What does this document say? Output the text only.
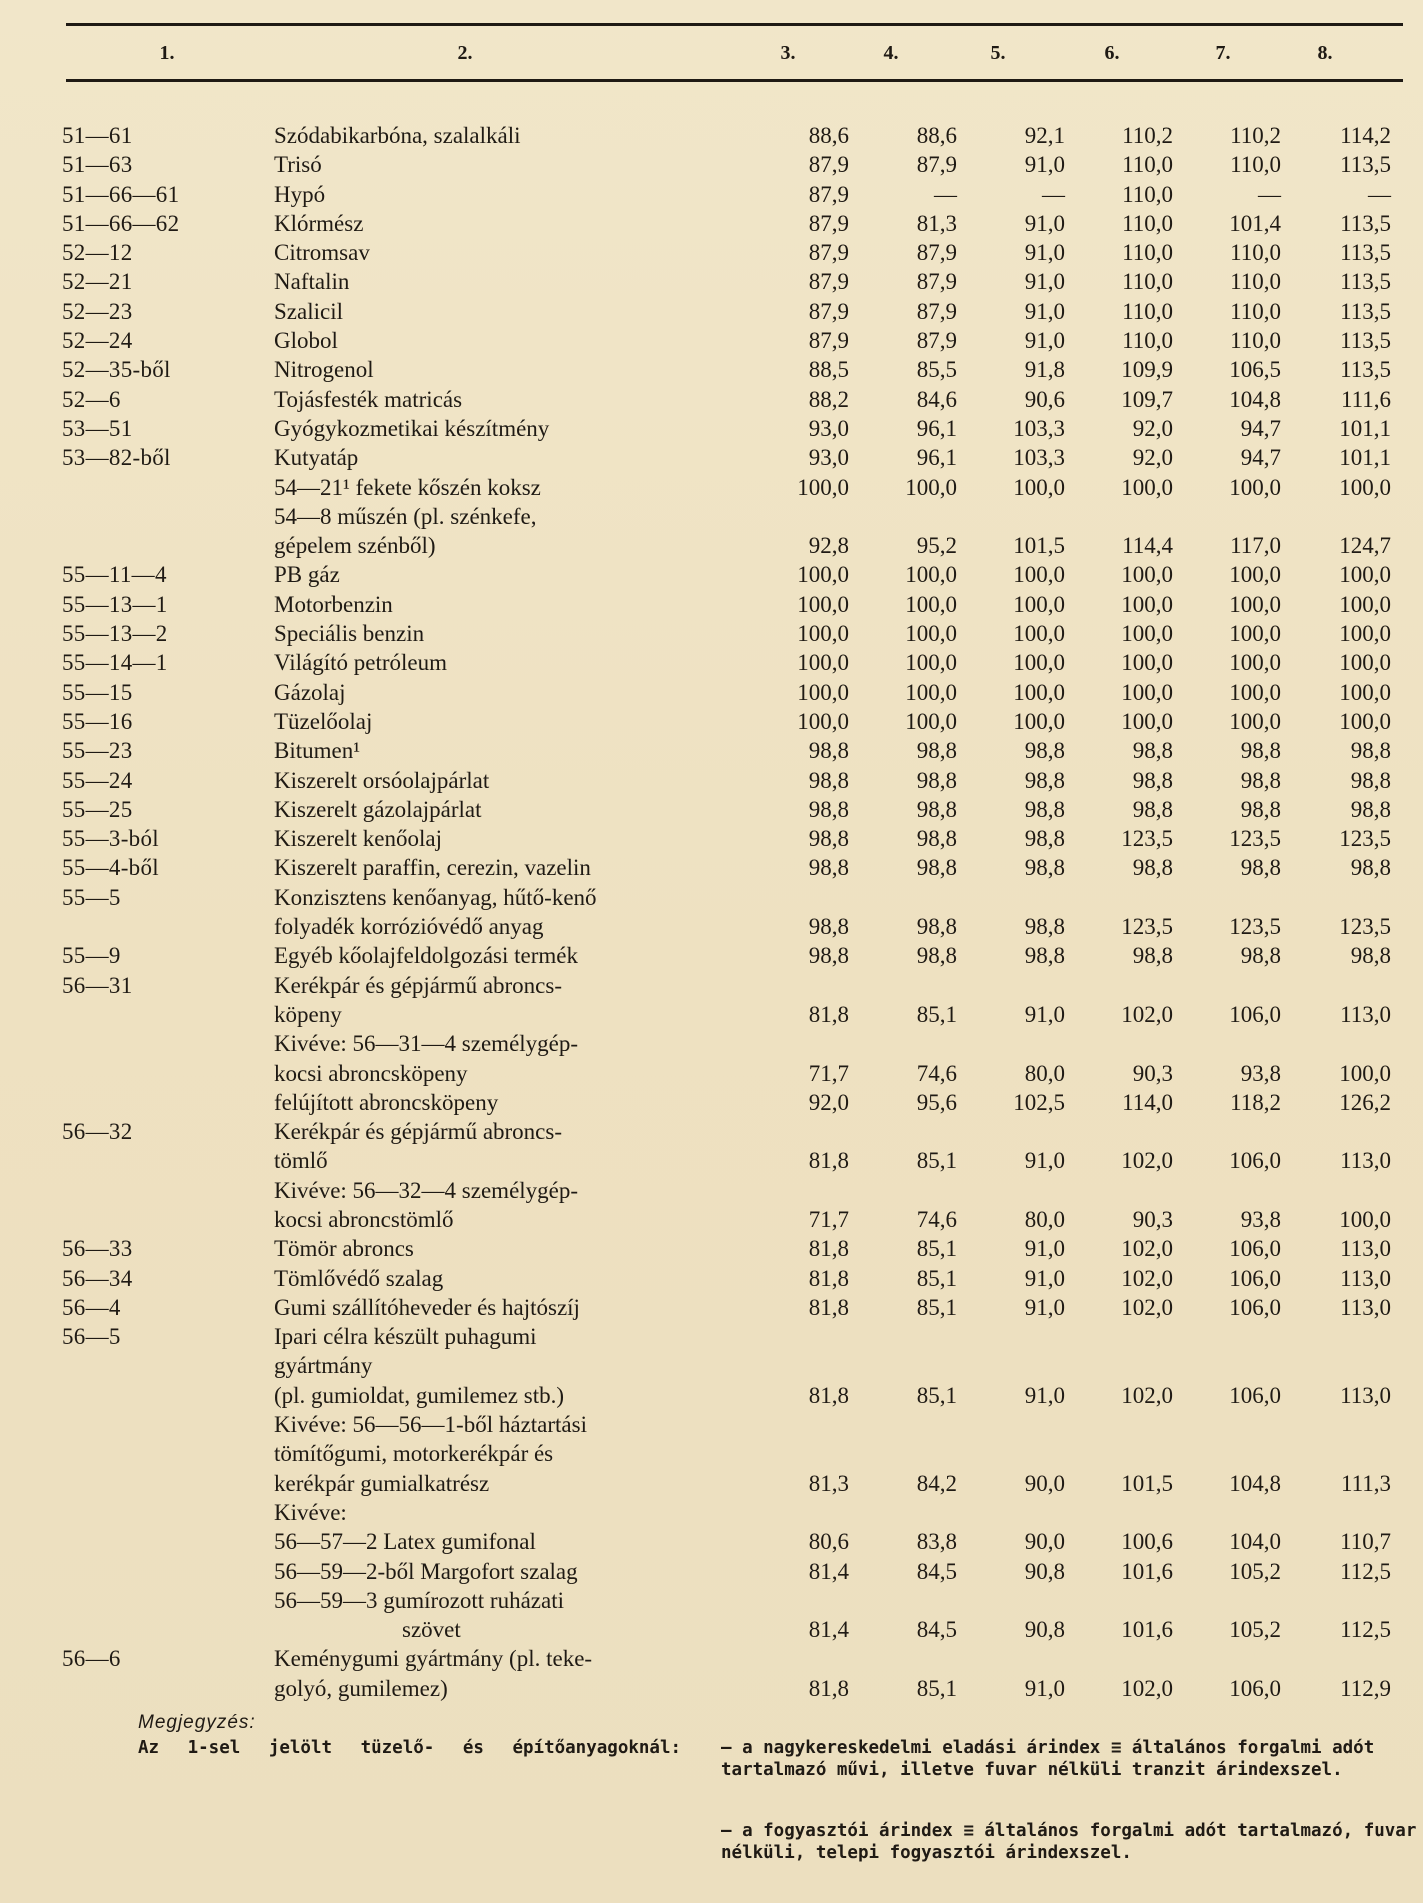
1.	2.	3.	4.	5.	6.	7.	8.
51—61	Szódabikarbóna, szalalkáli	88,6	88,6	92,1	110,2	110,2	114,2
51—63	Trisó	87,9	87,9	91,0	110,0	110,0	113,5
51—66—61	Hypó	87,9	—	—	110,0	—	—
51—66—62	Klórmész	87,9	81,3	91,0	110,0	101,4	113,5
52—12	Citromsav	87,9	87,9	91,0	110,0	110,0	113,5
52—21	Naftalin	87,9	87,9	91,0	110,0	110,0	113,5
52—23	Szalicil	87,9	87,9	91,0	110,0	110,0	113,5
52—24	Globol	87,9	87,9	91,0	110,0	110,0	113,5
52—35-ből	Nitrogenol	88,5	85,5	91,8	109,9	106,5	113,5
52—6	Tojásfesték matricás	88,2	84,6	90,6	109,7	104,8	111,6
53—51	Gyógykozmetikai készítmény	93,0	96,1	103,3	92,0	94,7	101,1
53—82-ből	Kutyatáp	93,0	96,1	103,3	92,0	94,7	101,1
	54—21¹ fekete kőszén koksz	100,0	100,0	100,0	100,0	100,0	100,0
	54—8 műszén (pl. szénkefe,						
	gépelem szénből)	92,8	95,2	101,5	114,4	117,0	124,7
55—11—4	PB gáz	100,0	100,0	100,0	100,0	100,0	100,0
55—13—1	Motorbenzin	100,0	100,0	100,0	100,0	100,0	100,0
55—13—2	Speciális benzin	100,0	100,0	100,0	100,0	100,0	100,0
55—14—1	Világító petróleum	100,0	100,0	100,0	100,0	100,0	100,0
55—15	Gázolaj	100,0	100,0	100,0	100,0	100,0	100,0
55—16	Tüzelőolaj	100,0	100,0	100,0	100,0	100,0	100,0
55—23	Bitumen¹	98,8	98,8	98,8	98,8	98,8	98,8
55—24	Kiszerelt orsóolajpárlat	98,8	98,8	98,8	98,8	98,8	98,8
55—25	Kiszerelt gázolajpárlat	98,8	98,8	98,8	98,8	98,8	98,8
55—3-ból	Kiszerelt kenőolaj	98,8	98,8	98,8	123,5	123,5	123,5
55—4-ből	Kiszerelt paraffin, cerezin, vazelin	98,8	98,8	98,8	98,8	98,8	98,8
55—5	Konzisztens kenőanyag, hűtő-kenő						
	folyadék korrózióvédő anyag	98,8	98,8	98,8	123,5	123,5	123,5
55—9	Egyéb kőolajfeldolgozási termék	98,8	98,8	98,8	98,8	98,8	98,8
56—31	Kerékpár és gépjármű abroncs-						
	köpeny	81,8	85,1	91,0	102,0	106,0	113,0
	Kivéve: 56—31—4 személygép-						
	kocsi abroncsköpeny	71,7	74,6	80,0	90,3	93,8	100,0
	felújított abroncsköpeny	92,0	95,6	102,5	114,0	118,2	126,2
56—32	Kerékpár és gépjármű abroncs-						
	tömlő	81,8	85,1	91,0	102,0	106,0	113,0
	Kivéve: 56—32—4 személygép-						
	kocsi abroncstömlő	71,7	74,6	80,0	90,3	93,8	100,0
56—33	Tömör abroncs	81,8	85,1	91,0	102,0	106,0	113,0
56—34	Tömlővédő szalag	81,8	85,1	91,0	102,0	106,0	113,0
56—4	Gumi szállítóheveder és hajtószíj	81,8	85,1	91,0	102,0	106,0	113,0
56—5	Ipari célra készült puhagumi						
	gyártmány						
	(pl. gumioldat, gumilemez stb.)	81,8	85,1	91,0	102,0	106,0	113,0
	Kivéve: 56—56—1-ből háztartási						
	tömítőgumi, motorkerékpár és						
	kerékpár gumialkatrész	81,3	84,2	90,0	101,5	104,8	111,3
	Kivéve:						
	56—57—2 Latex gumifonal	80,6	83,8	90,0	100,6	104,0	110,7
	56—59—2-ből Margofort szalag	81,4	84,5	90,8	101,6	105,2	112,5
	56—59—3 gumírozott ruházati						
	szövet	81,4	84,5	90,8	101,6	105,2	112,5
56—6	Keménygumi gyártmány (pl. teke-						
	golyó, gumilemez)	81,8	85,1	91,0	102,0	106,0	112,9
Megjegyzés:
Az 1-sel jelölt tüzelő- és építőanyagoknál:	— a nagykereskedelmi eladási árindex ≡ általános forgalmi adót tartalmazó művi, illetve fuvar nélküli tranzit árindexszel.
— a fogyasztói árindex ≡ általános forgalmi adót tartalmazó, fuvar nélküli, telepi fogyasztói árindexszel.
